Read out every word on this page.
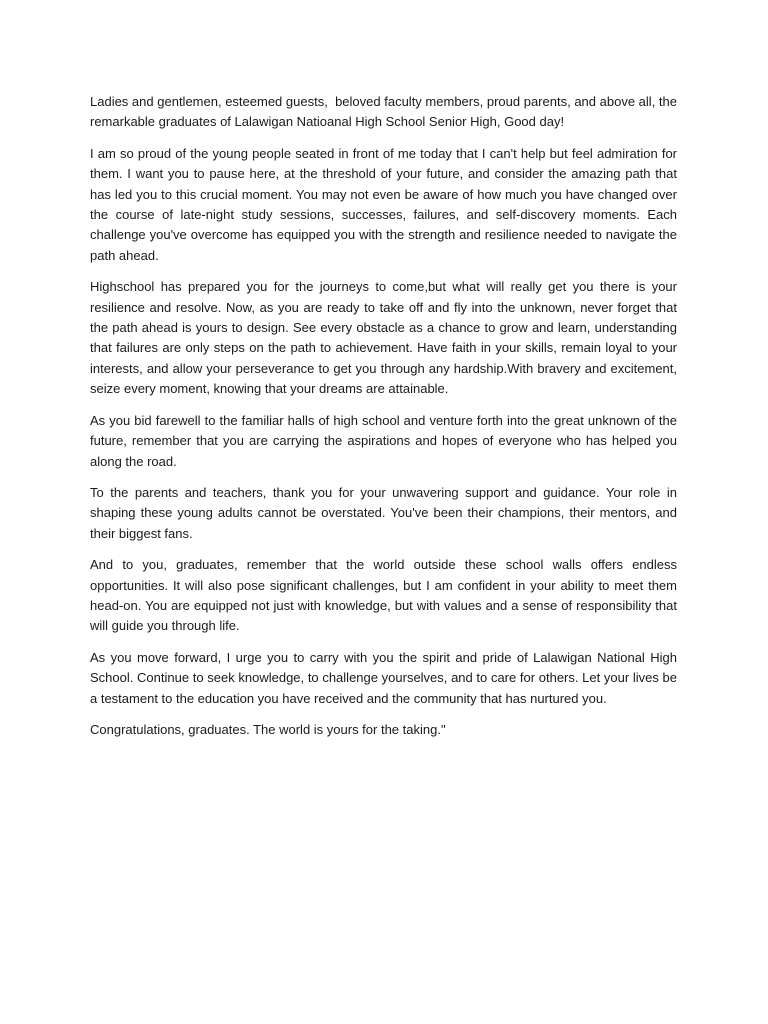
Ladies and gentlemen, esteemed guests,  beloved faculty members, proud parents, and above all, the remarkable graduates of Lalawigan Natioanal High School Senior High, Good day!

I am so proud of the young people seated in front of me today that I can't help but feel admiration for them. I want you to pause here, at the threshold of your future, and consider the amazing path that has led you to this crucial moment. You may not even be aware of how much you have changed over the course of late-night study sessions, successes, failures, and self-discovery moments. Each challenge you've overcome has equipped you with the strength and resilience needed to navigate the path ahead.

Highschool has prepared you for the journeys to come,but what will really get you there is your resilience and resolve. Now, as you are ready to take off and fly into the unknown, never forget that the path ahead is yours to design. See every obstacle as a chance to grow and learn, understanding that failures are only steps on the path to achievement. Have faith in your skills, remain loyal to your interests, and allow your perseverance to get you through any hardship.With bravery and excitement, seize every moment, knowing that your dreams are attainable.

As you bid farewell to the familiar halls of high school and venture forth into the great unknown of the future, remember that you are carrying the aspirations and hopes of everyone who has helped you along the road.

To the parents and teachers, thank you for your unwavering support and guidance. Your role in shaping these young adults cannot be overstated. You've been their champions, their mentors, and their biggest fans.

And to you, graduates, remember that the world outside these school walls offers endless opportunities. It will also pose significant challenges, but I am confident in your ability to meet them head-on. You are equipped not just with knowledge, but with values and a sense of responsibility that will guide you through life.

As you move forward, I urge you to carry with you the spirit and pride of Lalawigan National High School. Continue to seek knowledge, to challenge yourselves, and to care for others. Let your lives be a testament to the education you have received and the community that has nurtured you.

Congratulations, graduates. The world is yours for the taking."
